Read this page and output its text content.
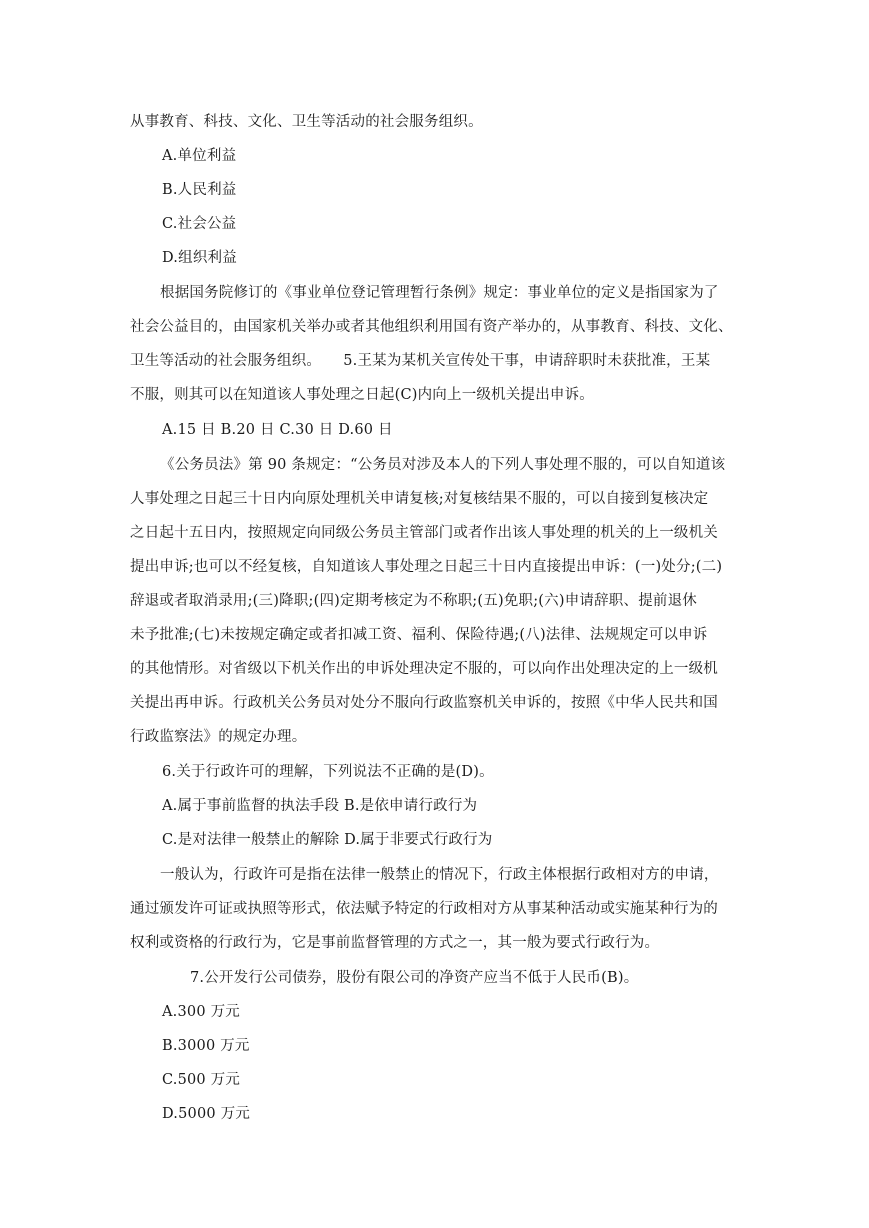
从事教育、科技、文化、卫生等活动的社会服务组织。
A.单位利益
B.人民利益
C.社会公益
D.组织利益
根据国务院修订的《事业单位登记管理暂行条例》规定：事业单位的定义是指国家为了
社会公益目的，由国家机关举办或者其他组织利用国有资产举办的，从事教育、科技、文化、
卫生等活动的社会服务组织。　　5.王某为某机关宣传处干事，申请辞职时未获批准，王某
不服，则其可以在知道该人事处理之日起(C)内向上一级机关提出申诉。
A.15 日 B.20 日 C.30 日 D.60 日
《公务员法》第 90 条规定：“公务员对涉及本人的下列人事处理不服的，可以自知道该
人事处理之日起三十日内向原处理机关申请复核;对复核结果不服的，可以自接到复核决定
之日起十五日内，按照规定向同级公务员主管部门或者作出该人事处理的机关的上一级机关
提出申诉;也可以不经复核，自知道该人事处理之日起三十日内直接提出申诉：(一)处分;(二)
辞退或者取消录用;(三)降职;(四)定期考核定为不称职;(五)免职;(六)申请辞职、提前退休
未予批准;(七)未按规定确定或者扣减工资、福利、保险待遇;(八)法律、法规规定可以申诉
的其他情形。对省级以下机关作出的申诉处理决定不服的，可以向作出处理决定的上一级机
关提出再申诉。行政机关公务员对处分不服向行政监察机关申诉的，按照《中华人民共和国
行政监察法》的规定办理。
6.关于行政许可的理解，下列说法不正确的是(D)。
A.属于事前监督的执法手段 B.是依申请行政行为
C.是对法律一般禁止的解除 D.属于非要式行政行为
一般认为，行政许可是指在法律一般禁止的情况下，行政主体根据行政相对方的申请，
通过颁发许可证或执照等形式，依法赋予特定的行政相对方从事某种活动或实施某种行为的
权利或资格的行政行为，它是事前监督管理的方式之一，其一般为要式行政行为。
7.公开发行公司债券，股份有限公司的净资产应当不低于人民币(B)。
A.300 万元
B.3000 万元
C.500 万元
D.5000 万元
